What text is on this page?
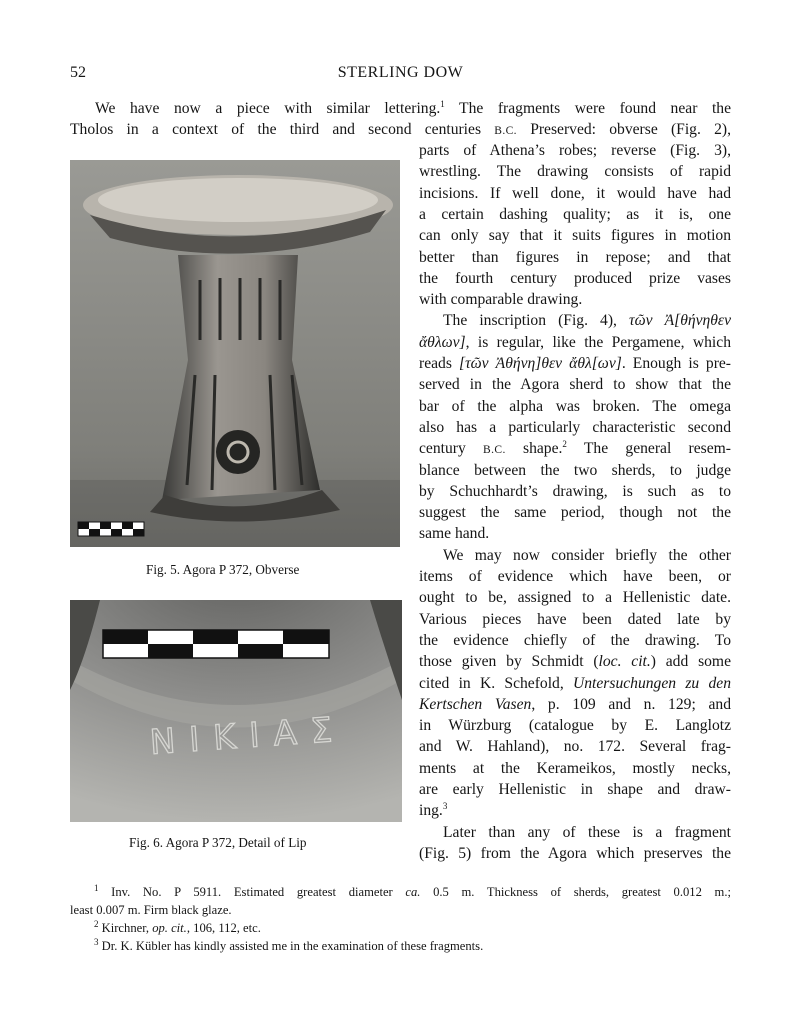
52	STERLING DOW
We have now a piece with similar lettering.$^1$ The fragments were found near the
Tholos in a context of the third and second centuries B.C. Preserved: obverse (Fig. 2),
parts of Athena’s robes; reverse (Fig. 3),
wrestling. The drawing consists of rapid
incisions. If well done, it would have had
a certain dashing quality; as it is, one
can only say that it suits figures in motion
better than figures in repose; and that
the fourth century produced prize vases
with comparable drawing.
The inscription (Fig. 4), τῶν Ἀ[θήνηθεν
ἄθλων], is regular, like the Pergamene, which
reads [τῶν Ἀθήνη]θεν ἄθλ[ων]. Enough is pre-
served in the Agora sherd to show that the
bar of the alpha was broken. The omega
also has a particularly characteristic second
century B.C. shape.$^2$ The general resem-
blance between the two sherds, to judge
by Schuchhardt’s drawing, is such as to
suggest the same period, though not the
same hand.
We may now consider briefly the other
items of evidence which have been, or
ought to be, assigned to a Hellenistic date.
Various pieces have been dated late by
the evidence chiefly of the drawing. To
those given by Schmidt (loc. cit.) add some
cited in K. Schefold, Untersuchungen zu den
Kertschen Vasen, p. 109 and n. 129; and
in Würzburg (catalogue by E. Langlotz
and W. Hahland), no. 172. Several frag-
ments at the Kerameikos, mostly necks,
are early Hellenistic in shape and draw-
ing.$^3$
Later than any of these is a fragment
(Fig. 5) from the Agora which preserves the
Fig. 5. Agora P 372, Obverse
ΝΙΚΙΑΣ
Fig. 6. Agora P 372, Detail of Lip
$^1$ Inv. No. P 5911. Estimated greatest diameter ca. 0.5 m. Thickness of sherds, greatest 0.012 m.;
least 0.007 m. Firm black glaze.
$^2$ Kirchner, op. cit., 106, 112, etc.
$^3$ Dr. K. Kübler has kindly assisted me in the examination of these fragments.
